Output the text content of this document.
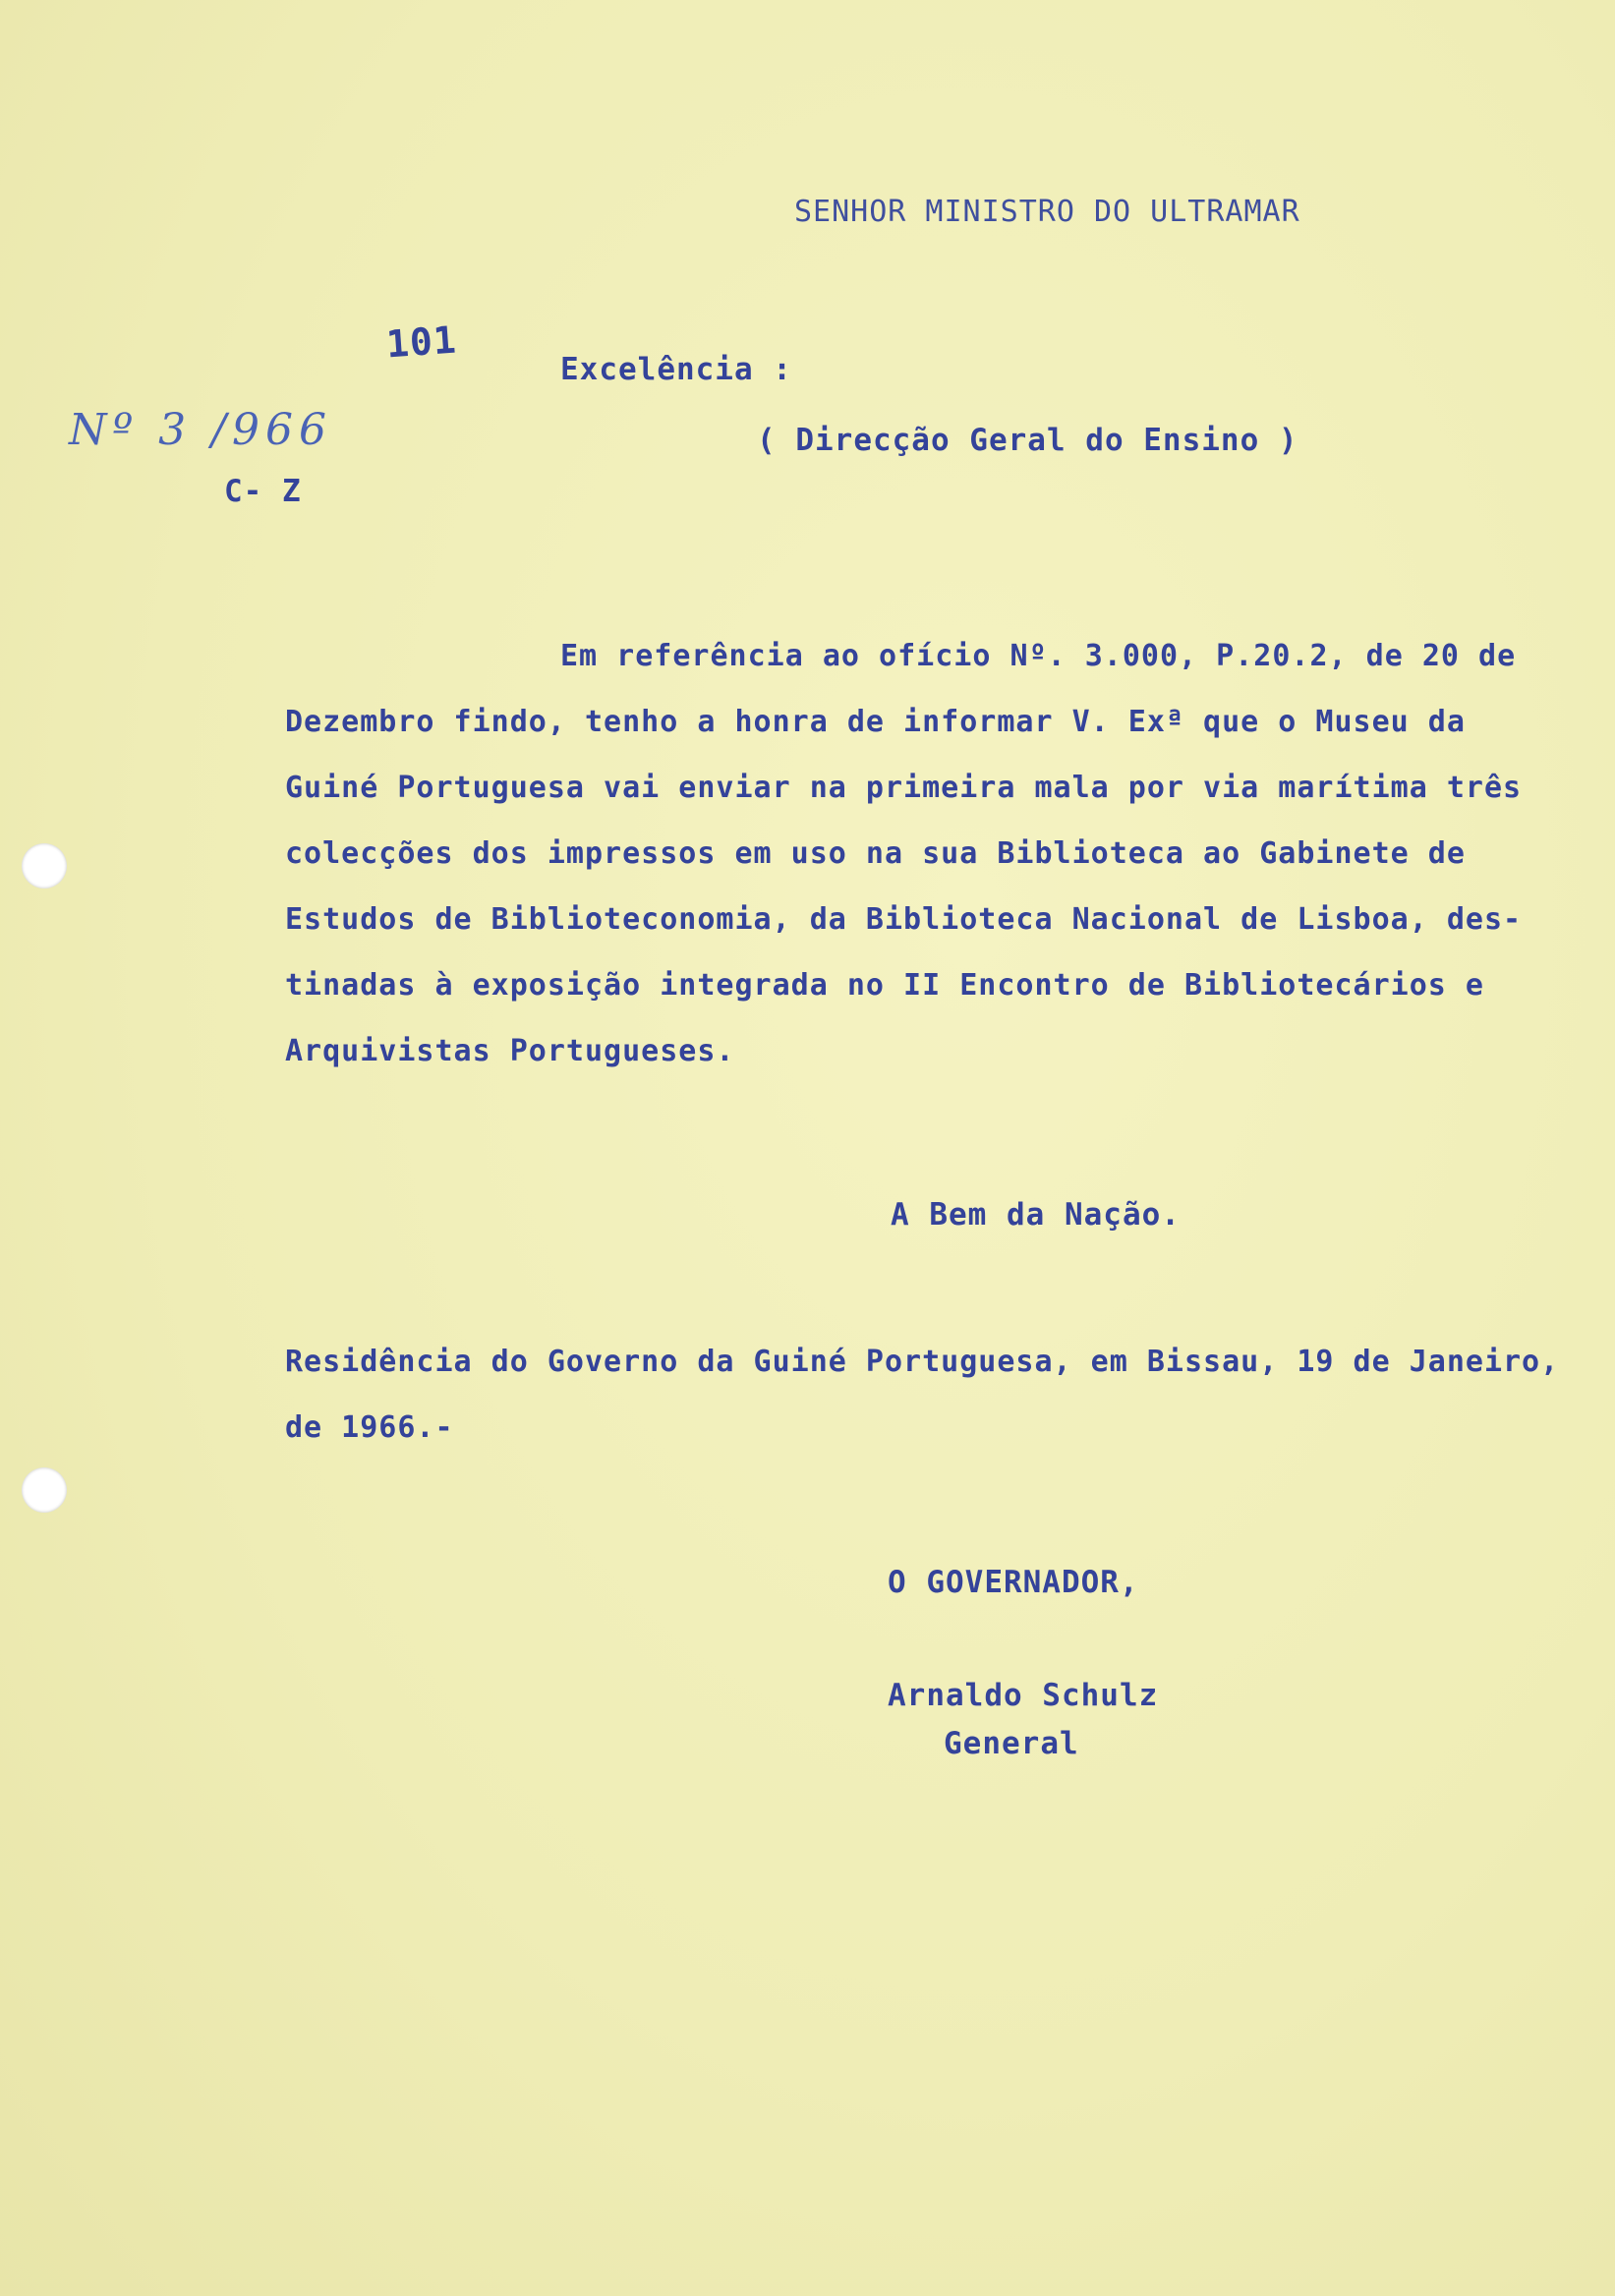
SENHOR MINISTRO DO ULTRAMAR
101
Nº 3 /966
C- Z
Excelência :
( Direcção Geral do Ensino )
Em referência ao ofício Nº. 3.000, P.20.2, de 20 de
Dezembro findo, tenho a honra de informar V. Exª que o Museu da
Guiné Portuguesa vai enviar na primeira mala por via marítima três
colecções dos impressos em uso na sua Biblioteca ao Gabinete de
Estudos de Biblioteconomia, da Biblioteca Nacional de Lisboa, des-
tinadas à exposição integrada no II Encontro de Bibliotecários e
Arquivistas Portugueses.
A Bem da Nação.
Residência do Governo da Guiné Portuguesa, em Bissau, 19 de Janeiro,
de 1966.-
O GOVERNADOR,
Arnaldo Schulz
General
